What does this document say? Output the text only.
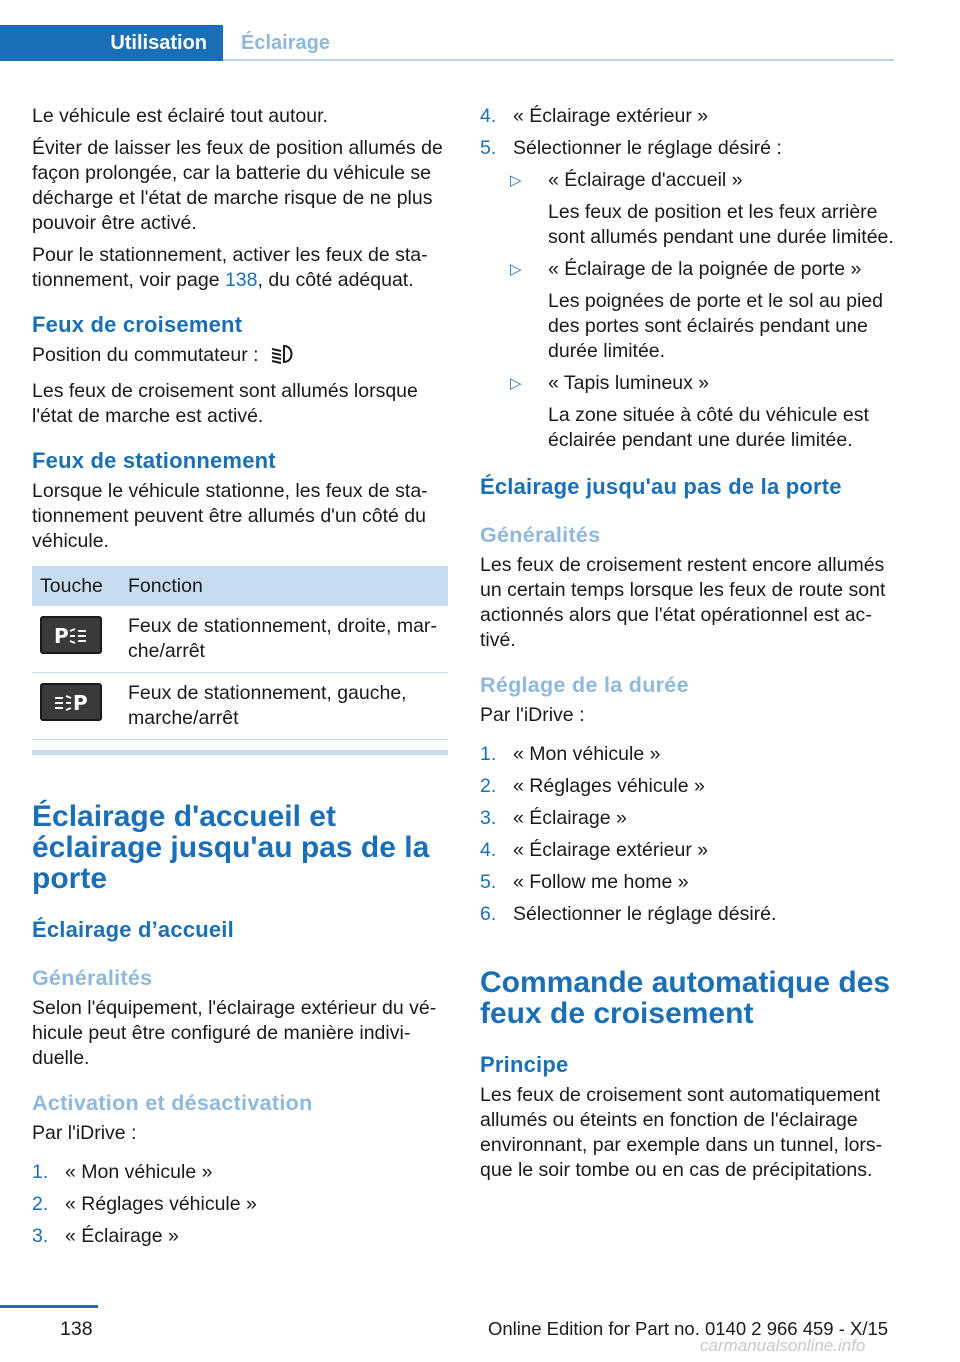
Utilisation	Éclairage

Le véhicule est éclairé tout autour.

Éviter de laisser les feux de position allumés de façon prolongée, car la batterie du véhicule se décharge et l'état de marche risque de ne plus pouvoir être activé.

Pour le stationnement, activer les feux de stationnement, voir page 138, du côté adéquat.

Feux de croisement

Position du commutateur :

Les feux de croisement sont allumés lorsque l'état de marche est activé.

Feux de stationnement

Lorsque le véhicule stationne, les feux de stationnement peuvent être allumés d'un côté du véhicule.

Touche	Fonction

P	Feux de stationnement, droite, marche/arrêt

P	Feux de stationnement, gauche, marche/arrêt
Éclairage d'accueil et éclairage jusqu'au pas de la porte
Éclairage d’accueil
Généralités

Selon l'équipement, l'éclairage extérieur du véhicule peut être configuré de manière individuelle.

Activation et désactivation

Par l'iDrive :

1. « Mon véhicule »
2. « Réglages véhicule »
3. « Éclairage »
4. « Éclairage extérieur »
5. Sélectionner le réglage désiré :
▷	« Éclairage d'accueil »

Les feux de position et les feux arrière sont allumés pendant une durée limitée.

▷	« Éclairage de la poignée de porte »

Les poignées de porte et le sol au pied des portes sont éclairés pendant une durée limitée.

▷	« Tapis lumineux »

La zone située à côté du véhicule est éclairée pendant une durée limitée.

Éclairage jusqu'au pas de la porte
Généralités

Les feux de croisement restent encore allumés un certain temps lorsque les feux de route sont actionnés alors que l'état opérationnel est activé.

Réglage de la durée

Par l'iDrive :

1. « Mon véhicule »
2. « Réglages véhicule »
3. « Éclairage »
4. « Éclairage extérieur »
5. « Follow me home »
6. Sélectionner le réglage désiré.
Commande automatique des feux de croisement
Principe

Les feux de croisement sont automatiquement allumés ou éteints en fonction de l'éclairage environnant, par exemple dans un tunnel, lorsque le soir tombe ou en cas de précipitations.

138	Online Edition for Part no. 0140 2 966 459 - X/15
carmanualsonline.info
